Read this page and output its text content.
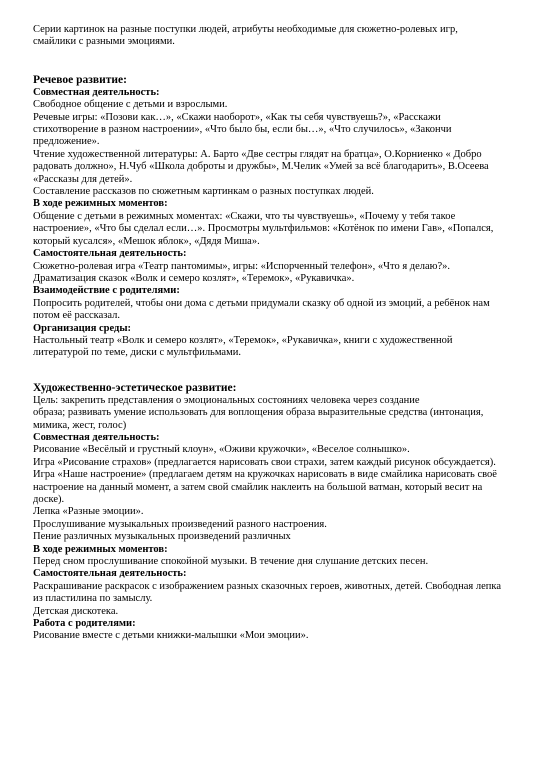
Серии картинок на разные поступки людей, атрибуты необходимые для сюжетно-ролевых игр, смайлики с разными эмоциями.

Речевое развитие:

Совместная деятельность:

Свободное общение с детьми и взрослыми.

Речевые игры: «Позови как…», «Скажи наоборот», «Как ты себя чувствуешь?», «Расскажи стихотворение в разном настроении», «Что было бы, если бы…», «Что случилось», «Закончи предложение».

Чтение художественной литературы: А. Барто «Две сестры глядят на братца», О.Корниенко « Добро радовать должно», Н.Чуб «Школа доброты и дружбы», М.Челик «Умей за всё благодарить», В.Осеева «Рассказы для детей».

Составление рассказов по сюжетным картинкам о разных поступках людей.

В ходе режимных моментов:

Общение с детьми в режимных моментах: «Скажи, что ты чувствуешь», «Почему у тебя такое настроение», «Что бы сделал если…». Просмотры мультфильмов: «Котёнок по имени Гав», «Попался, который кусался», «Мешок яблок», «Дядя Миша».

Самостоятельная деятельность:

Сюжетно-ролевая игра «Театр пантомимы», игры: «Испорченный телефон», «Что я делаю?». Драматизация сказок «Волк и семеро козлят», «Теремок», «Рукавичка».

Взаимодействие с родителями:

Попросить родителей, чтобы они дома с детьми придумали сказку об одной из эмоций, а ребёнок нам потом её рассказал.

Организация среды:

Настольный театр «Волк и семеро козлят», «Теремок», «Рукавичка», книги с художественной литературой по теме, диски с мультфильмами.

Художественно-эстетическое развитие:

Цель: закрепить представления о эмоциональных состояниях человека через создание

образа; развивать умение использовать для воплощения образа выразительные средства (интонация, мимика, жест, голос)

Совместная деятельность:

Рисование «Весёлый и грустный клоун», «Оживи кружочки», «Веселое солнышко».

Игра «Рисование страхов» (предлагается нарисовать свои страхи, затем каждый рисунок обсуждается).

Игра «Наше настроение» (предлагаем детям на кружочках нарисовать в виде смайлика нарисовать своё настроение на данный момент, а затем свой смайлик наклеить на большой ватман, который весит на доске).

Лепка «Разные эмоции».

Прослушивание музыкальных произведений разного настроения.

Пение различных музыкальных произведений различных

В ходе режимных моментов:

Перед сном прослушивание спокойной музыки. В течение дня слушание детских песен.

Самостоятельная деятельность:

Раскрашивание раскрасок с изображением разных сказочных героев, животных, детей. Свободная лепка из пластилина по замыслу.

Детская дискотека.

Работа с родителями:

Рисование вместе с детьми книжки-малышки «Мои эмоции».
